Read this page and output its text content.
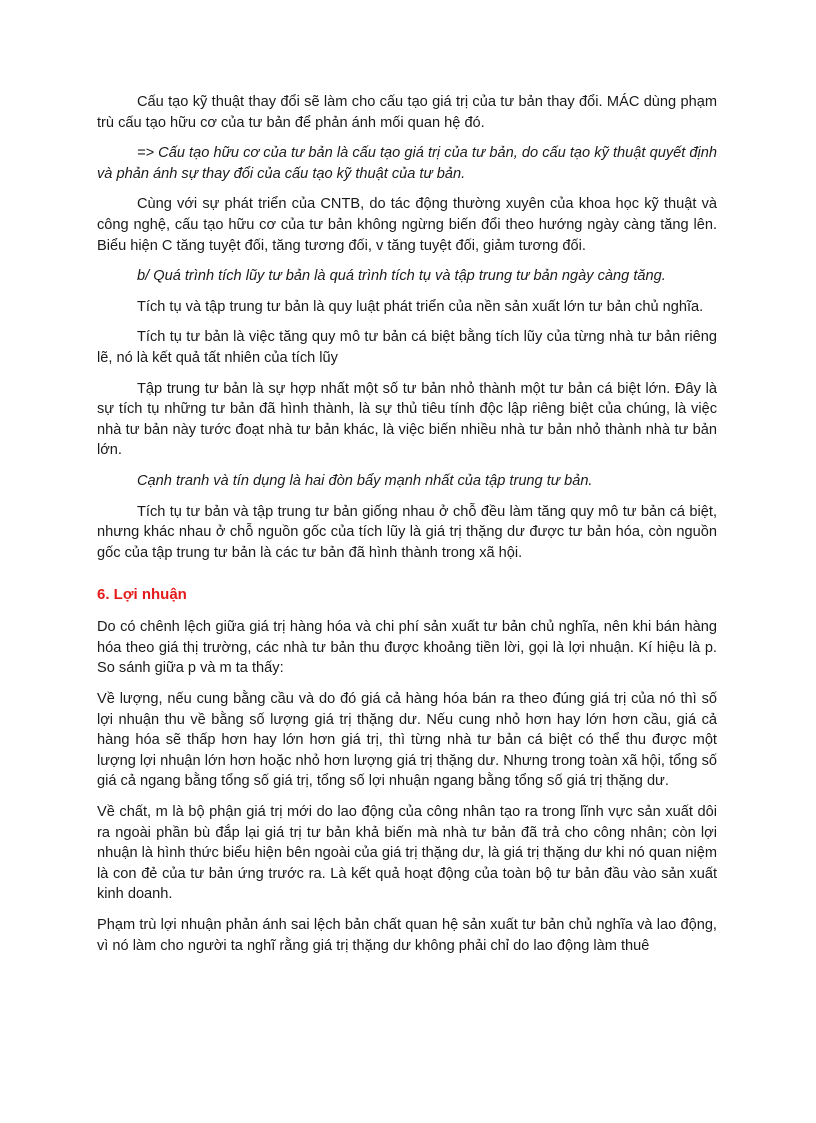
Cấu tạo kỹ thuật thay đổi sẽ làm cho cấu tạo giá trị của tư bản thay đổi. MÁC dùng phạm trù cấu tạo hữu cơ của tư bản để phản ánh mối quan hệ đó.

=> Cấu tạo hữu cơ của tư bản là cấu tạo giá trị của tư bản, do cấu tạo kỹ thuật quyết định và phản ánh sự thay đổi của cấu tạo kỹ thuật của tư bản.

Cùng với sự phát triển của CNTB, do tác động thường xuyên của khoa học kỹ thuật và công nghệ, cấu tạo hữu cơ của tư bản không ngừng biến đổi theo hướng ngày càng tăng lên. Biểu hiện C tăng tuyệt đối, tăng tương đối, v tăng tuyệt đối, giảm tương đối.

b/ Quá trình tích lũy tư bản là quá trình tích tụ và tập trung tư bản ngày càng tăng.

Tích tụ và tập trung tư bản là quy luật phát triển của nền sản xuất lớn tư bản chủ nghĩa.

Tích tụ tư bản là việc tăng quy mô tư bản cá biệt bằng tích lũy của từng nhà tư bản riêng lẽ, nó là kết quả tất nhiên của tích lũy

Tập trung tư bản là sự hợp nhất một số tư bản nhỏ thành một tư bản cá biệt lớn. Đây là sự tích tụ những tư bản đã hình thành, là sự thủ tiêu tính độc lập riêng biệt của chúng, là việc nhà tư bản này tước đoạt nhà tư bản khác, là việc biến nhiều nhà tư bản nhỏ thành nhà tư bản lớn.

Cạnh tranh và tín dụng là hai đòn bẩy mạnh nhất của tập trung tư bản.

Tích tụ tư bản và tập trung tư bản giống nhau ở chỗ đều làm tăng quy mô tư bản cá biệt, nhưng khác nhau ở chỗ nguồn gốc của tích lũy là giá trị thặng dư được tư bản hóa, còn nguồn gốc của tập trung tư bản là các tư bản đã hình thành trong xã hội.

6. Lợi nhuận

Do có chênh lệch giữa giá trị hàng hóa và chi phí sản xuất tư bản chủ nghĩa, nên khi bán hàng hóa theo giá thị trường, các nhà tư bản thu được khoảng tiền lời, gọi là lợi nhuận. Kí hiệu là p. So sánh giữa p và m ta thấy:

Về lượng, nếu cung bằng cầu và do đó giá cả hàng hóa bán ra theo đúng giá trị của nó thì số lợi nhuận thu về bằng số lượng giá trị thặng dư. Nếu cung nhỏ hơn hay lớn hơn cầu, giá cả hàng hóa sẽ thấp hơn hay lớn hơn giá trị, thì từng nhà tư bản cá biệt có thể thu được một lượng lợi nhuận lớn hơn hoặc nhỏ hơn lượng giá trị thặng dư. Nhưng trong toàn xã hội, tổng số giá cả ngang bằng tổng số giá trị, tổng số lợi nhuận ngang bằng tổng số giá trị thặng dư.

Về chất, m là bộ phận giá trị mới do lao động của công nhân tạo ra trong lĩnh vực sản xuất dôi ra ngoài phần bù đắp lại giá trị tư bản khả biến mà nhà tư bản đã trả cho công nhân; còn lợi nhuận là hình thức biểu hiện bên ngoài của giá trị thặng dư, là giá trị thặng dư khi nó quan niệm là con đẻ của tư bản ứng trước ra. Là kết quả hoạt động của toàn bộ tư bản đầu vào sản xuất kinh doanh.

Phạm trù lợi nhuận phản ánh sai lệch bản chất quan hệ sản xuất tư bản chủ nghĩa và lao động, vì nó làm cho người ta nghĩ rằng giá trị thặng dư không phải chỉ do lao động làm thuê
